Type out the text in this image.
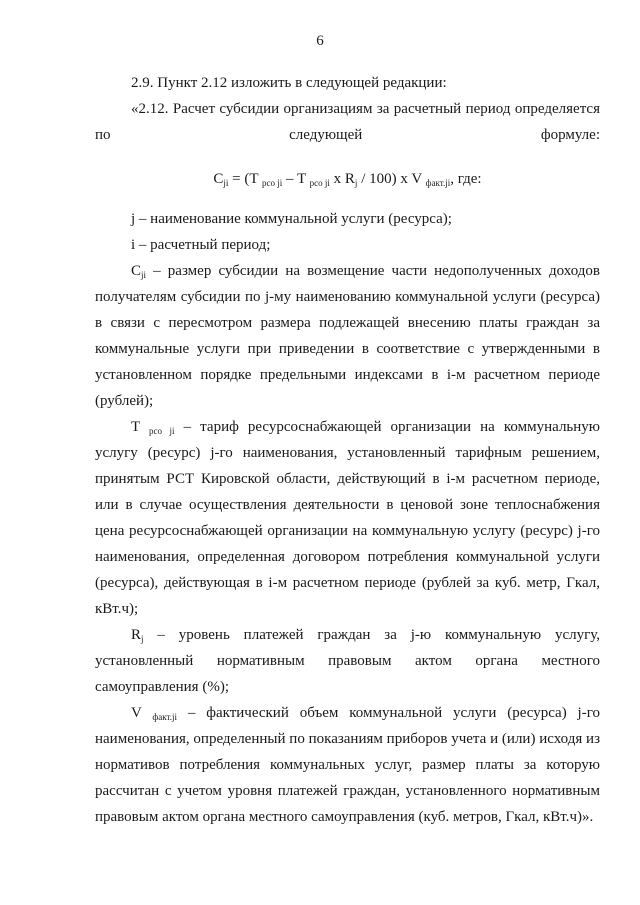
6

2.9. Пункт 2.12 изложить в следующей редакции:

«2.12. Расчет субсидии организациям за расчетный период определяется по следующей формуле:

$C_{ji} = (T$ $_{рсо ji}$ – T $_{рсо ji}$ x $R_j / 100$) x V $_{факт.ji}$, где:

j – наименование коммунальной услуги (ресурса);

i – расчетный период;

$C_{ji}$ – размер субсидии на возмещение части недополученных доходов получателям субсидии по j-му наименованию коммунальной услуги (ресурса) в связи с пересмотром размера подлежащей внесению платы граждан за коммунальные услуги при приведении в соответствие с утвержденными в установленном порядке предельными индексами в i-м расчетном периоде (рублей);

T $_{рсо ji}$ – тариф ресурсоснабжающей организации на коммунальную услугу (ресурс) j-го наименования, установленный тарифным решением, принятым РСТ Кировской области, действующий в i-м расчетном периоде, или в случае осуществления деятельности в ценовой зоне теплоснабжения цена ресурсоснабжающей организации на коммунальную услугу (ресурс) j-го наименования, определенная договором потребления коммунальной услуги (ресурса), действующая в i-м расчетном периоде (рублей за куб. метр, Гкал, кВт.ч);

$R_j$ – уровень платежей граждан за j-ю коммунальную услугу, установленный нормативным правовым актом органа местного самоуправления (%);

V $_{факт.ji}$ – фактический объем коммунальной услуги (ресурса) j-го наименования, определенный по показаниям приборов учета и (или) исходя из нормативов потребления коммунальных услуг, размер платы за которую рассчитан с учетом уровня платежей граждан, установленного нормативным правовым актом органа местного самоуправления (куб. метров, Гкал, кВт.ч)».
